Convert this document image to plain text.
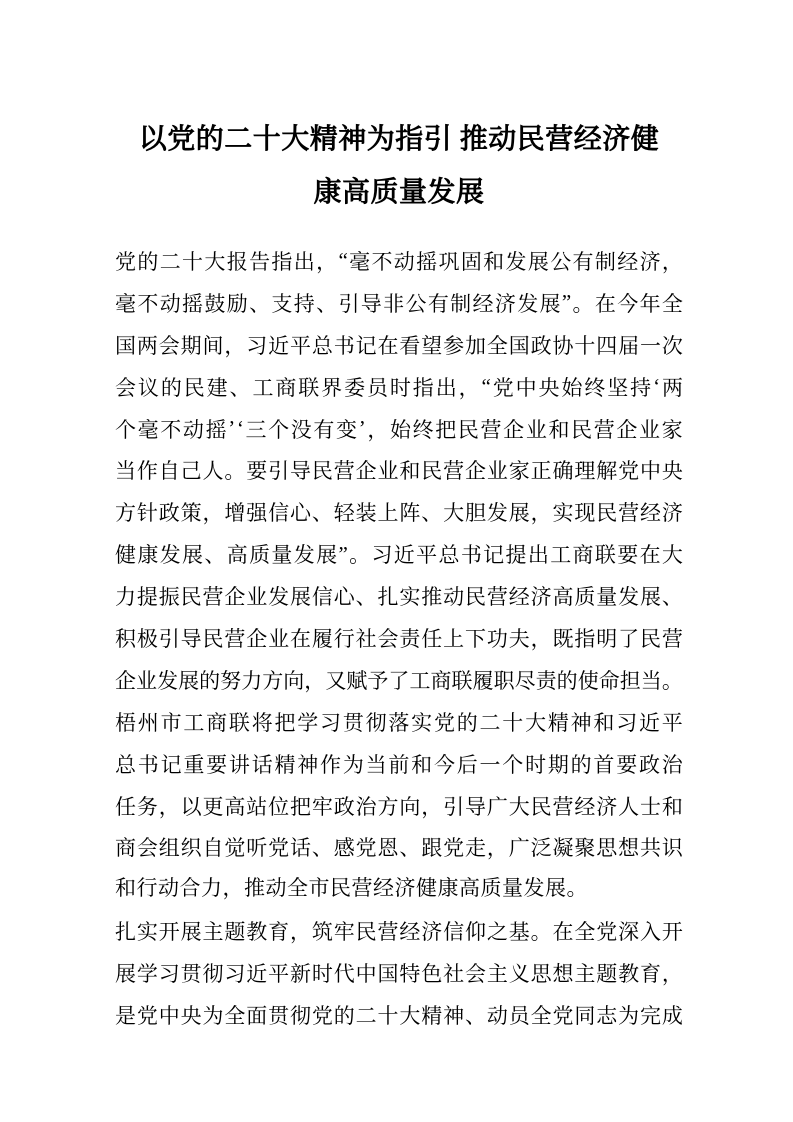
以党的二十大精神为指引 推动民营经济健
康高质量发展
党 的 二 十 大 报 告 指 出 ， “ 毫 不 动 摇 巩 固 和 发 展 公 有 制 经 济 ，
毫 不 动 摇 鼓 励 、 支 持 、 引 导 非 公 有 制 经 济 发 展 ” 。 在 今 年 全
国 两 会 期 间 ， 习 近 平 总 书 记 在 看 望 参 加 全 国 政 协 十 四 届 一 次
会 议 的 民 建 、 工 商 联 界 委 员 时 指 出 ， “ 党 中 央 始 终 坚 持 ‘ 两
个 毫 不 动 摇 ’ ‘ 三 个 没 有 变 ’ ， 始 终 把 民 营 企 业 和 民 营 企 业 家
当 作 自 己 人 。 要 引 导 民 营 企 业 和 民 营 企 业 家 正 确 理 解 党 中 央
方 针 政 策 ， 增 强 信 心 、 轻 装 上 阵 、 大 胆 发 展 ， 实 现 民 营 经 济
健 康 发 展 、 高 质 量 发 展 ” 。 习 近 平 总 书 记 提 出 工 商 联 要 在 大
力 提 振 民 营 企 业 发 展 信 心 、 扎 实 推 动 民 营 经 济 高 质 量 发 展 、
积 极 引 导 民 营 企 业 在 履 行 社 会 责 任 上 下 功 夫 ， 既 指 明 了 民 营
企 业 发 展 的 努 力 方 向 ， 又 赋 予 了 工 商 联 履 职 尽 责 的 使 命 担 当 。
梧 州 市 工 商 联 将 把 学 习 贯 彻 落 实 党 的 二 十 大 精 神 和 习 近 平
总 书 记 重 要 讲 话 精 神 作 为 当 前 和 今 后 一 个 时 期 的 首 要 政 治
任 务 ， 以 更 高 站 位 把 牢 政 治 方 向 ， 引 导 广 大 民 营 经 济 人 士 和
商 会 组 织 自 觉 听 党 话 、 感 党 恩 、 跟 党 走 ， 广 泛 凝 聚 思 想 共 识
和行动合力，推动全市民营经济健康高质量发展。
扎 实 开 展 主 题 教 育 ， 筑 牢 民 营 经 济 信 仰 之 基 。 在 全 党 深 入 开
展 学 习 贯 彻 习 近 平 新 时 代 中 国 特 色 社 会 主 义 思 想 主 题 教 育 ，
是 党 中 央 为 全 面 贯 彻 党 的 二 十 大 精 神 、 动 员 全 党 同 志 为 完 成
